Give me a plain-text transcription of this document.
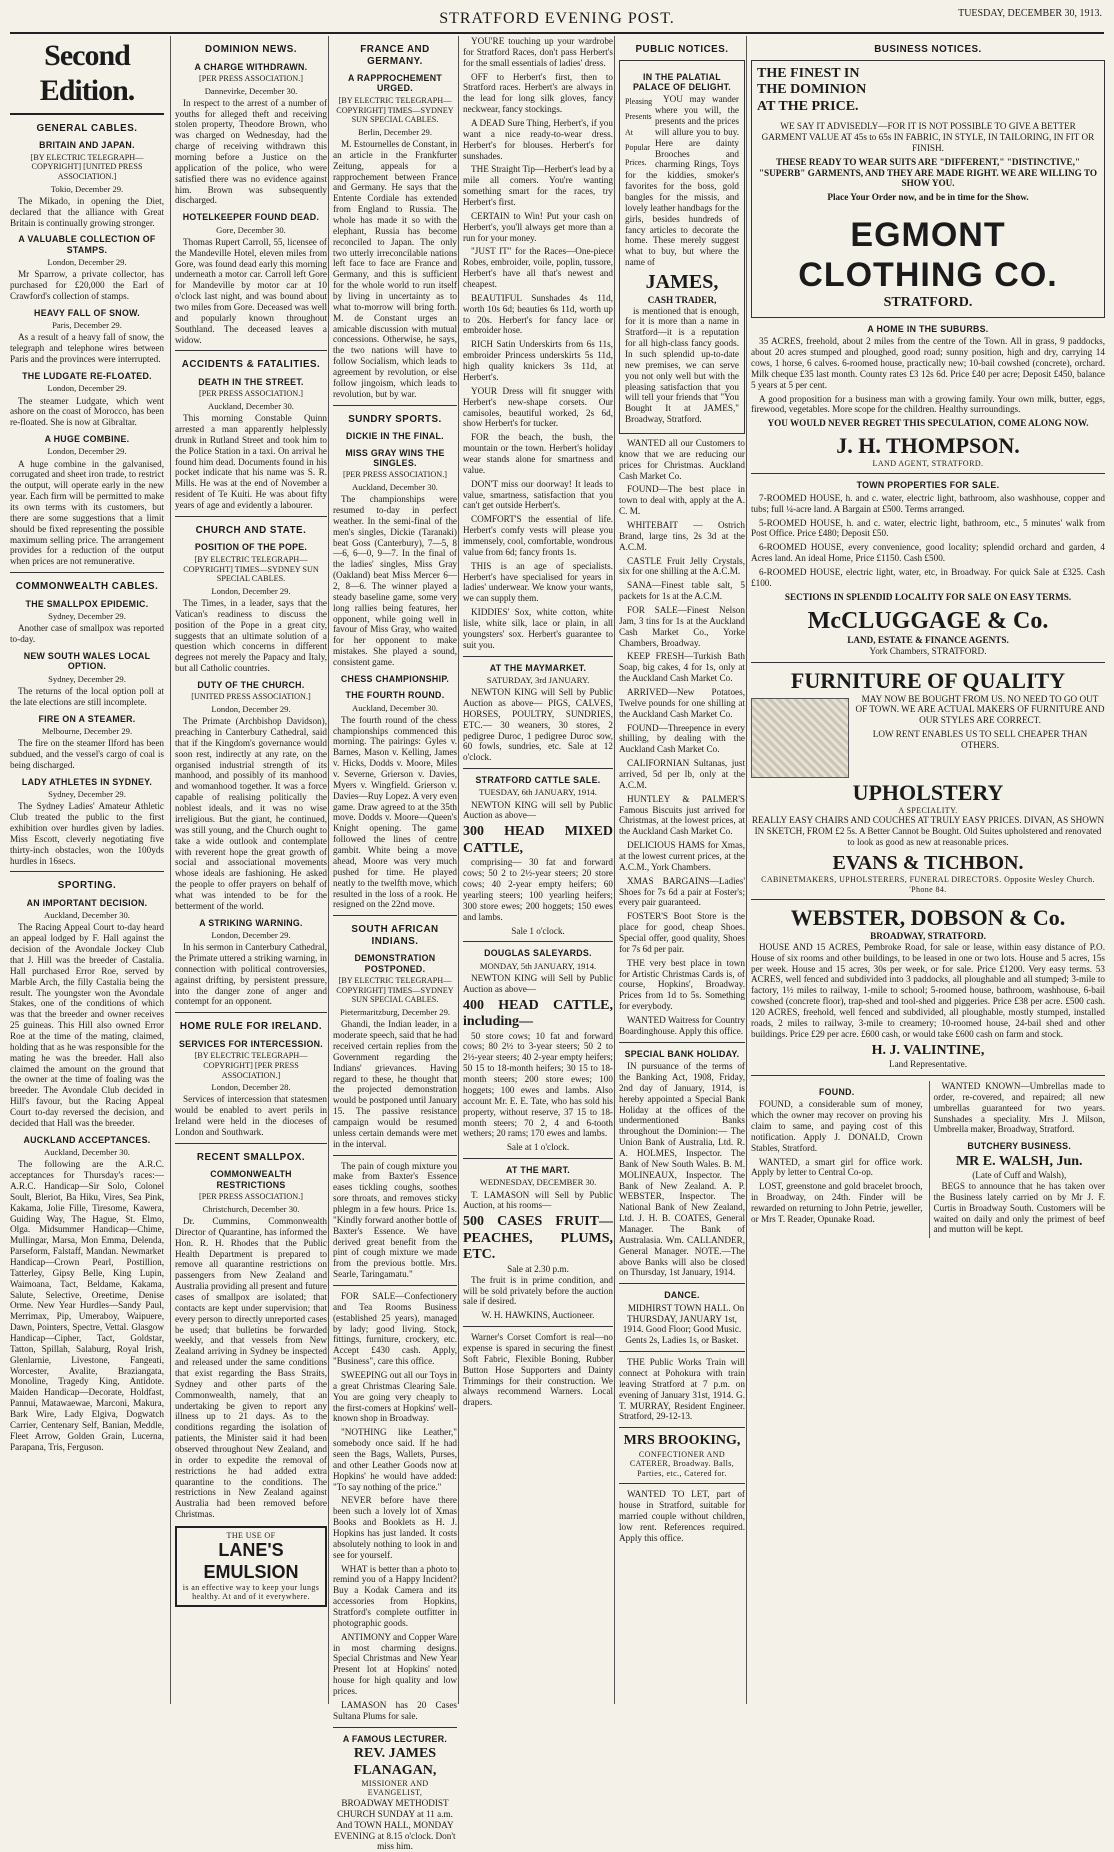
STRATFORD EVENING POST.	TUESDAY, DECEMBER 30, 1913.
Second Edition.
GENERAL CABLES.
BRITAIN AND JAPAN.
[BY ELECTRIC TELEGRAPH—COPYRIGHT] [UNITED PRESS ASSOCIATION.]
Tokio, December 29.

The Mikado, in opening the Diet, declared that the alliance with Great Britain is continually growing stronger.

A VALUABLE COLLECTION OF STAMPS.
London, December 29.

Mr Sparrow, a private collector, has purchased for £20,000 the Earl of Crawford's collection of stamps.

HEAVY FALL OF SNOW.
Paris, December 29.

As a result of a heavy fall of snow, the telegraph and telephone wires between Paris and the provinces were interrupted.

THE LUDGATE RE-FLOATED.
London, December 29.

The steamer Ludgate, which went ashore on the coast of Morocco, has been re-floated. She is now at Gibraltar.

A HUGE COMBINE.
London, December 29.

A huge combine in the galvanised, corrugated and sheet iron trade, to restrict the output, will operate early in the new year. Each firm will be permitted to make its own terms with its customers, but there are some suggestions that a limit should be fixed representing the possible maximum selling price. The arrangement provides for a reduction of the output when prices are not remunerative.

COMMONWEALTH CABLES.
THE SMALLPOX EPIDEMIC.
Sydney, December 29.

Another case of smallpox was reported to-day.

NEW SOUTH WALES LOCAL OPTION.
Sydney, December 29.

The returns of the local option poll at the late elections are still incomplete.

FIRE ON A STEAMER.
Melbourne, December 29.

The fire on the steamer Ilford has been subdued, and the vessel's cargo of coal is being discharged.

LADY ATHLETES IN SYDNEY.
Sydney, December 29.

The Sydney Ladies' Amateur Athletic Club treated the public to the first exhibition over hurdles given by ladies. Miss Escott, cleverly negotiating five thirty-inch obstacles, won the 100yds hurdles in 16secs.

SPORTING.
AN IMPORTANT DECISION.
Auckland, December 30.

The Racing Appeal Court to-day heard an appeal lodged by F. Hall against the decision of the Avondale Jockey Club that J. Hill was the breeder of Castalia. Hall purchased Error Roe, served by Marble Arch, the filly Castalia being the result. The youngster won the Avondale Stakes, one of the conditions of which was that the breeder and owner receives 25 guineas. This Hill also owned Error Roe at the time of the mating, claimed, holding that as he was responsible for the mating he was the breeder. Hall also claimed the amount on the ground that the owner at the time of foaling was the breeder. The Avondale Club decided in Hill's favour, but the Racing Appeal Court to-day reversed the decision, and decided that Hall was the breeder.

AUCKLAND ACCEPTANCES.
Auckland, December 30.

The following are the A.R.C. acceptances for Thursday's races:— A.R.C. Handicap—Sir Solo, Colonel Soult, Bleriot, Ba Hiku, Vires, Sea Pink, Kakama, Jolie Fille, Tiresome, Kawera, Guiding Way, The Hague, St. Elmo, Olga. Midsummer Handicap—Chime, Mullingar, Marsa, Mon Emma, Delenda, Parseform, Falstaff, Mandan. Newmarket Handicap—Crown Pearl, Postillion, Tatterley, Gipsy Belle, King Lupin, Waimoana, Tact, Beldame, Kakama, Salute, Selective, Oreetime, Denise Orme. New Year Hurdles—Sandy Paul, Merrimax, Pip, Umeraboy, Waipuere, Dawn, Pointers, Spectre, Vettal. Glasgow Handicap—Cipher, Tact, Goldstar, Tatton, Spillah, Salaburg, Royal Irish, Glenlarnie, Livestone, Fangeati, Worcester, Avalite, Braziangata, Monoline, Tragedy King, Antidote. Maiden Handicap—Decorate, Holdfast, Pannui, Matawaewae, Marconi, Makura, Bark Wire, Lady Elgiva, Dogwatch Carrier, Centenary Self, Banian, Meddle, Fleet Arrow, Golden Grain, Lucerna, Parapana, Tris, Ferguson.

DOMINION NEWS.
A CHARGE WITHDRAWN.
[PER PRESS ASSOCIATION.]
Dannevirke, December 30.

In respect to the arrest of a number of youths for alleged theft and receiving stolen property, Theodore Brown, who was charged on Wednesday, had the charge of receiving withdrawn this morning before a Justice on the application of the police, who were satisfied there was no evidence against him. Brown was subsequently discharged.

HOTELKEEPER FOUND DEAD.
Gore, December 30.

Thomas Rupert Carroll, 55, licensee of the Mandeville Hotel, eleven miles from Gore, was found dead early this morning underneath a motor car. Carroll left Gore for Mandeville by motor car at 10 o'clock last night, and was bound about two miles from Gore. Deceased was well and popularly known throughout Southland. The deceased leaves a widow.

ACCIDENTS & FATALITIES.
DEATH IN THE STREET.
[PER PRESS ASSOCIATION.]
Auckland, December 30.

This morning Constable Quinn arrested a man apparently helplessly drunk in Rutland Street and took him to the Police Station in a taxi. On arrival he found him dead. Documents found in his pocket indicate that his name was S. R. Mills. He was at the end of November a resident of Te Kuiti. He was about fifty years of age and evidently a labourer.

CHURCH AND STATE.
POSITION OF THE POPE.
[BY ELECTRIC TELEGRAPH—COPYRIGHT] TIMES—SYDNEY SUN SPECIAL CABLES.
London, December 29.

The Times, in a leader, says that the Vatican's readiness to discuss the position of the Pope in a great city, suggests that an ultimate solution of a question which concerns in different degrees not merely the Papacy and Italy, but all Catholic countries.

DUTY OF THE CHURCH.
[UNITED PRESS ASSOCIATION.]
London, December 29.

The Primate (Archbishop Davidson), preaching in Canterbury Cathedral, said that if the Kingdom's governance would soon rest, indirectly at any rate, on the organised industrial strength of its manhood, and possibly of its manhood and womanhood together. It was a force capable of realising politically the noblest ideals, and it was no wise irreligious. But the giant, he continued, was still young, and the Church ought to take a wide outlook and contemplate with reverent hope the great growth of social and associational movements whose ideals are fashioning. He asked the people to offer prayers on behalf of what was intended to be for the betterment of the world.

A STRIKING WARNING.
London, December 29.

In his sermon in Canterbury Cathedral, the Primate uttered a striking warning, in connection with political controversies, against drifting, by persistent pressure, into the danger zone of anger and contempt for an opponent.

HOME RULE FOR IRELAND.
SERVICES FOR INTERCESSION.
[BY ELECTRIC TELEGRAPH—COPYRIGHT] [PER PRESS ASSOCIATION.]
London, December 28.

Services of intercession that statesmen would be enabled to avert perils in Ireland were held in the dioceses of London and Southwark.

RECENT SMALLPOX.
COMMONWEALTH RESTRICTIONS
[PER PRESS ASSOCIATION.]
Christchurch, December 30.

Dr. Cummins, Commonwealth Director of Quarantine, has informed the Hon. R. H. Rhodes that the Public Health Department is prepared to remove all quarantine restrictions on passengers from New Zealand and Australia providing all present and future cases of smallpox are isolated; that contacts are kept under supervision; that every person to directly unreported cases be used; that bulletins be forwarded weekly, and that vessels from New Zealand arriving in Sydney be inspected and released under the same conditions that exist regarding the Bass Straits, Sydney and other parts of the Commonwealth, namely, that an undertaking be given to report any illness up to 21 days. As to the conditions regarding the isolation of patients, the Minister said it had been observed throughout New Zealand, and in order to expedite the removal of restrictions he had added extra quarantine to the conditions. The restrictions in New Zealand against Australia had been removed before Christmas.

THE USE OF
LANE'S EMULSION
is an effective way to keep your lungs healthy. At and of it everywhere.
FRANCE AND GERMANY.
A RAPPROCHEMENT URGED.
[BY ELECTRIC TELEGRAPH—COPYRIGHT] TIMES—SYDNEY SUN SPECIAL CABLES.
Berlin, December 29.

M. Estournelles de Constant, in an article in the Frankfurter Zeitung, appeals for a rapprochement between France and Germany. He says that the Entente Cordiale has extended from England to Russia. The whole has made it so with the elephant, Russia has become reconciled to Japan. The only two utterly irreconcilable nations left face to face are France and Germany, and this is sufficient for the whole world to run itself by living in uncertainty as to what to-morrow will bring forth. M. de Constant urges an amicable discussion with mutual concessions. Otherwise, he says, the two nations will have to follow Socialism, which leads to agreement by revolution, or else follow jingoism, which leads to revolution, but by war.

SUNDRY SPORTS.
DICKIE IN THE FINAL.
MISS GRAY WINS THE SINGLES.
[PER PRESS ASSOCIATION.]
Auckland, December 30.

The championships were resumed to-day in perfect weather. In the semi-final of the men's singles, Dickie (Taranaki) beat Goss (Canterbury), 7—5, 8—6, 6—0, 9—7. In the final of the ladies' singles, Miss Gray (Oakland) beat Miss Mercer 6—2, 8—6. The winner played a steady baseline game, some very long rallies being features, her opponent, while going well in favour of Miss Gray, who waited for her opponent to make mistakes. She played a sound, consistent game.

CHESS CHAMPIONSHIP.
THE FOURTH ROUND.
Auckland, December 30.

The fourth round of the chess championships commenced this morning. The pairings: Gyles v. Barnes, Mason v. Kelling, James v. Hicks, Dodds v. Moore, Miles v. Severne, Grierson v. Davies, Myers v. Wingfield. Grierson v. Davies—Ruy Lopez. A very even game. Draw agreed to at the 35th move. Dodds v. Moore—Queen's Knight opening. The game followed the lines of centre gambit. White being a move ahead, Moore was very much pushed for time. He played neatly to the twelfth move, which resulted in the loss of a rook. He resigned on the 22nd move.

SOUTH AFRICAN INDIANS.
DEMONSTRATION POSTPONED.
[BY ELECTRIC TELEGRAPH—COPYRIGHT] TIMES—SYDNEY SUN SPECIAL CABLES.
Pietermaritzburg, December 29.

Ghandi, the Indian leader, in a moderate speech, said that he had received certain replies from the Government regarding the Indians' grievances. Having regard to these, he thought that the projected demonstration would be postponed until January 15. The passive resistance campaign would be resumed unless certain demands were met in the interval.

The pain of cough mixture you make from Baxter's Essence eases tickling coughs, soothes sore throats, and removes sticky phlegm in a few hours. Price 1s. "Kindly forward another bottle of Baxter's Essence. We have derived great benefit from the pint of cough mixture we made from the previous bottle. Mrs. Searle, Taringamatu."

FOR SALE—Confectionery and Tea Rooms Business (established 25 years), managed by lady; good living. Stock, fittings, furniture, crockery, etc. Accept £430 cash. Apply, "Business", care this office.

SWEEPING out all our Toys in a great Christmas Clearing Sale. You are going very cheaply to the first-comers at Hopkins' well-known shop in Broadway.

"NOTHING like Leather," somebody once said. If he had seen the Bags, Wallets, Purses, and other Leather Goods now at Hopkins' he would have added: "To say nothing of the price."

NEVER before have there been such a lovely lot of Xmas Books and Booklets as H. J. Hopkins has just landed. It costs absolutely nothing to look in and see for yourself.

WHAT is better than a photo to remind you of a Happy Incident? Buy a Kodak Camera and its accessories from Hopkins, Stratford's complete outfitter in photographic goods.

ANTIMONY and Copper Ware in most charming designs. Special Christmas and New Year Present lot at Hopkins' noted house for high quality and low prices.

LAMASON has 20 Cases Sultana Plums for sale.

A FAMOUS LECTURER.
REV. JAMES FLANAGAN,
MISSIONER AND EVANGELIST,
BROADWAY METHODIST CHURCH SUNDAY at 11 a.m. And TOWN HALL, MONDAY EVENING at 8.15 o'clock. Don't miss him.

YOU'RE touching up your wardrobe for Stratford Races, don't pass Herbert's for the small essentials of ladies' dress.

OFF to Herbert's first, then to Stratford races. Herbert's are always in the lead for long silk gloves, fancy neckwear, fancy stockings.

A DEAD Sure Thing, Herbert's, if you want a nice ready-to-wear dress. Herbert's for blouses. Herbert's for sunshades.

THE Straight Tip—Herbert's lead by a mile all comers. You're wanting something smart for the races, try Herbert's first.

CERTAIN to Win! Put your cash on Herbert's, you'll always get more than a run for your money.

"JUST IT" for the Races—One-piece Robes, embroider, voile, poplin, tussore, Herbert's have all that's newest and cheapest.

BEAUTIFUL Sunshades 4s 11d, worth 10s 6d; beauties 6s 11d, worth up to 20s. Herbert's for fancy lace or embroider hose.

RICH Satin Underskirts from 6s 11s, embroider Princess underskirts 5s 11d, high quality knickers 3s 11d, at Herbert's.

YOUR Dress will fit snugger with Herbert's new-shape corsets. Our camisoles, beautiful worked, 2s 6d, show Herbert's for tucker.

FOR the beach, the bush, the mountain or the town. Herbert's holiday wear stands alone for smartness and value.

DON'T miss our doorway! It leads to value, smartness, satisfaction that you can't get outside Herbert's.

COMFORT'S the essential of life. Herbert's comfy vests will please you immensely, cool, comfortable, wondrous value from 6d; fancy fronts 1s.

THIS is an age of specialists. Herbert's have specialised for years in ladies' underwear. We know your wants, we can supply them.

KIDDIES' Sox, white cotton, white lisle, white silk, lace or plain, in all youngsters' sox. Herbert's guarantee to suit you.

AT THE MAYMARKET.
SATURDAY, 3rd JANUARY.

NEWTON KING will Sell by Public Auction as above— PIGS, CALVES, HORSES, POULTRY, SUNDRIES, ETC.— 30 weaners, 30 stores, 2 pedigree Duroc, 1 pedigree Duroc sow, 60 fowls, sundries, etc. Sale at 12 o'clock.

STRATFORD CATTLE SALE.
TUESDAY, 6th JANUARY, 1914.

NEWTON KING will sell by Public Auction as above—

300 HEAD MIXED CATTLE,

comprising— 30 fat and forward cows; 50 2 to 2½-year steers; 20 store cows; 40 2-year empty heifers; 60 yearling steers; 100 yearling heifers; 300 store ewes; 200 hoggets; 150 ewes and lambs.

Sale 1 o'clock.
DOUGLAS SALEYARDS.
MONDAY, 5th JANUARY, 1914.

NEWTON KING will Sell by Public Auction as above—

400 HEAD CATTLE, including—

50 store cows; 10 fat and forward cows; 80 2½ to 3-year steers; 50 2 to 2½-year steers; 40 2-year empty heifers; 50 15 to 18-month heifers; 30 15 to 18-month steers; 200 store ewes; 100 hoggets; 100 ewes and lambs. Also account Mr. E. E. Tate, who has sold his property, without reserve, 37 15 to 18-month steers; 70 2, 4 and 6-tooth wethers; 20 rams; 170 ewes and lambs.

Sale at 1 o'clock.
AT THE MART.
WEDNESDAY, DECEMBER 30.

T. LAMASON will Sell by Public Auction, at his rooms—

500 CASES FRUIT— PEACHES, PLUMS, ETC.
Sale at 2.30 p.m.

The fruit is in prime condition, and will be sold privately before the auction sale if desired.

W. H. HAWKINS, Auctioneer.

Warner's Corset Comfort is real—no expense is spared in securing the finest Soft Fabric, Flexible Boning, Rubber Button Hose Supporters and Dainty Trimmings for their construction. We always recommend Warners. Local drapers.

PUBLIC NOTICES.
IN THE PALATIAL PALACE OF DELIGHT.
Pleasing
Presents
At
Popular
Prices.

YOU may wander where you will, the presents and the prices will allure you to buy. Here are dainty Brooches and charming Rings, Toys for the kiddies, smoker's favorites for the boss, gold bangles for the missis, and lovely leather handbags for the girls, besides hundreds of fancy articles to decorate the home. These merely suggest what to buy, but where the name of

JAMES,
CASH TRADER,

is mentioned that is enough, for it is more than a name in Stratford—it is a reputation for all high-class fancy goods. In such splendid up-to-date new premises, we can serve you not only well but with the pleasing satisfaction that you will tell your friends that "You Bought It at JAMES," Broadway, Stratford.

WANTED all our Customers to know that we are reducing our prices for Christmas. Auckland Cash Market Co.

FOUND—The best place in town to deal with, apply at the A. C. M.

WHITEBAIT — Ostrich Brand, large tins, 2s 3d at the A.C.M.

CASTLE Fruit Jelly Crystals, six for one shilling at the A.C.M.

SANA—Finest table salt, 5 packets for 1s at the A.C.M.

FOR SALE—Finest Nelson Jam, 3 tins for 1s at the Auckland Cash Market Co., Yorke Chambers, Broadway.

KEEP FRESH—Turkish Bath Soap, big cakes, 4 for 1s, only at the Auckland Cash Market Co.

ARRIVED—New Potatoes, Twelve pounds for one shilling at the Auckland Cash Market Co.

FOUND—Threepence in every shilling, by dealing with the Auckland Cash Market Co.

CALIFORNIAN Sultanas, just arrived, 5d per lb, only at the A.C.M.

HUNTLEY & PALMER'S Famous Biscuits just arrived for Christmas, at the lowest prices, at the Auckland Cash Market Co.

DELICIOUS HAMS for Xmas, at the lowest current prices, at the A.C.M., York Chambers.

XMAS BARGAINS—Ladies' Shoes for 7s 6d a pair at Foster's; every pair guaranteed.

FOSTER'S Boot Store is the place for good, cheap Shoes. Special offer, good quality, Shoes for 7s 6d per pair.

THE very best place in town for Artistic Christmas Cards is, of course, Hopkins', Broadway. Prices from 1d to 5s. Something for everybody.

WANTED Waitress for Country Boardinghouse. Apply this office.

SPECIAL BANK HOLIDAY.

IN pursuance of the terms of the Banking Act, 1908, Friday, 2nd day of January, 1914, is hereby appointed a Special Bank Holiday at the offices of the undermentioned Banks throughout the Dominion:— The Union Bank of Australia, Ltd. R. A. HOLMES, Inspector. The Bank of New South Wales. B. M. MOLINEAUX, Inspector. The Bank of New Zealand. A. P. WEBSTER, Inspector. The National Bank of New Zealand, Ltd. J. H. B. COATES, General Manager. The Bank of Australasia. Wm. CALLANDER, General Manager. NOTE.—The above Banks will also be closed on Thursday, 1st January, 1914.

DANCE.

MIDHIRST TOWN HALL. On THURSDAY, JANUARY 1st, 1914. Good Floor; Good Music. Gents 2s, Ladies 1s, or Basket.

THE Public Works Train will connect at Pohokura with train leaving Stratford at 7 p.m. on evening of January 31st, 1914. G. T. MURRAY, Resident Engineer. Stratford, 29-12-13.

MRS BROOKING,
CONFECTIONER AND CATERER, Broadway. Balls, Parties, etc., Catered for.

WANTED TO LET, part of house in Stratford, suitable for married couple without children, low rent. References required. Apply this office.

BUSINESS NOTICES.
THE FINEST IN
THE DOMINION
AT THE PRICE.

WE SAY IT ADVISEDLY—FOR IT IS NOT POSSIBLE TO GIVE A BETTER GARMENT VALUE AT 45s to 65s IN FABRIC, IN STYLE, IN TAILORING, IN FIT OR FINISH.

THESE READY TO WEAR SUITS ARE "DIFFERENT," "DISTINCTIVE," "SUPERB" GARMENTS, AND THEY ARE MADE RIGHT. WE ARE WILLING TO SHOW YOU.

Place Your Order now, and be in time for the Show.

EGMONT CLOTHING CO.
STRATFORD.
A HOME IN THE SUBURBS.

35 ACRES, freehold, about 2 miles from the centre of the Town. All in grass, 9 paddocks, about 20 acres stumped and ploughed, good road; sunny position, high and dry, carrying 14 cows, 1 horse, 6 calves. 6-roomed house, practically new; 10-bail cowshed (concrete), orchard. Milk cheque £35 last month. County rates £3 12s 6d. Price £40 per acre; Deposit £450, balance 5 years at 5 per cent.

A good proposition for a business man with a growing family. Your own milk, butter, eggs, firewood, vegetables. More scope for the children. Healthy surroundings.

YOU WOULD NEVER REGRET THIS SPECULATION, COME ALONG NOW.
J. H. THOMPSON.
LAND AGENT, STRATFORD.
TOWN PROPERTIES FOR SALE.

7-ROOMED HOUSE, h. and c. water, electric light, bathroom, also washhouse, copper and tubs; full ¼-acre land. A Bargain at £500. Terms arranged.

5-ROOMED HOUSE, h. and c. water, electric light, bathroom, etc., 5 minutes' walk from Post Office. Price £480; Deposit £50.

6-ROOMED HOUSE, every convenience, good locality; splendid orchard and garden, 4 Acres land. An ideal Home, Price £1150. Cash £500.

6-ROOMED HOUSE, electric light, water, etc, in Broadway. For quick Sale at £325. Cash £100.

SECTIONS IN SPLENDID LOCALITY FOR SALE ON EASY TERMS.
McCLUGGAGE & Co.
LAND, ESTATE & FINANCE AGENTS.
York Chambers, STRATFORD.
FURNITURE OF QUALITY

MAY NOW BE BOUGHT FROM US. NO NEED TO GO OUT OF TOWN. WE ARE ACTUAL MAKERS OF FURNITURE AND OUR STYLES ARE CORRECT.

LOW RENT ENABLES US TO SELL CHEAPER THAN OTHERS.

UPHOLSTERY
A SPECIALITY.

REALLY EASY CHAIRS AND COUCHES AT TRULY EASY PRICES. DIVAN, AS SHOWN IN SKETCH, FROM £2 5s. A Better Cannot be Bought. Old Suites upholstered and renovated to look as good as new at reasonable prices.

EVANS & TICHBON.
CABINETMAKERS, UPHOLSTERERS, FUNERAL DIRECTORS. Opposite Wesley Church. 'Phone 84.
WEBSTER, DOBSON & Co.
BROADWAY, STRATFORD.

HOUSE AND 15 ACRES, Pembroke Road, for sale or lease, within easy distance of P.O. House of six rooms and other buildings, to be leased in one or two lots. House and 5 acres, 15s per week. House and 15 acres, 30s per week, or for sale. Price £1200. Very easy terms. 53 ACRES, well fenced and subdivided into 3 paddocks, all ploughable and all stumped; 3-mile to factory, 1½ miles to railway, 1-mile to school; 5-roomed house, bathroom, washhouse, 6-bail cowshed (concrete floor), trap-shed and tool-shed and piggeries. Price £38 per acre. £500 cash. 120 ACRES, freehold, well fenced and subdivided, all ploughable, mostly stumped, installed roads, 2 miles to railway, 3-mile to creamery; 10-roomed house, 24-bail shed and other buildings. Price £29 per acre. £600 cash, or would take £600 cash on farm and stock.

H. J. VALINTINE,
Land Representative.
FOUND.

FOUND, a considerable sum of money, which the owner may recover on proving his claim to same, and paying cost of this notification. Apply J. DONALD, Crown Stables, Stratford.

WANTED, a smart girl for office work. Apply by letter to Central Co-op.

LOST, greenstone and gold bracelet brooch, in Broadway, on 24th. Finder will be rewarded on returning to John Petrie, jeweller, or Mrs T. Reader, Opunake Road.

WANTED KNOWN—Umbrellas made to order, re-covered, and repaired; all new umbrellas guaranteed for two years. Sunshades a speciality. Mrs J. Milson, Umbrella maker, Broadway, Stratford.

BUTCHERY BUSINESS.
MR E. WALSH, Jun.
(Late of Cuff and Walsh),

BEGS to announce that he has taken over the Business lately carried on by Mr J. F. Curtis in Broadway South. Customers will be waited on daily and only the primest of beef and mutton will be kept.
